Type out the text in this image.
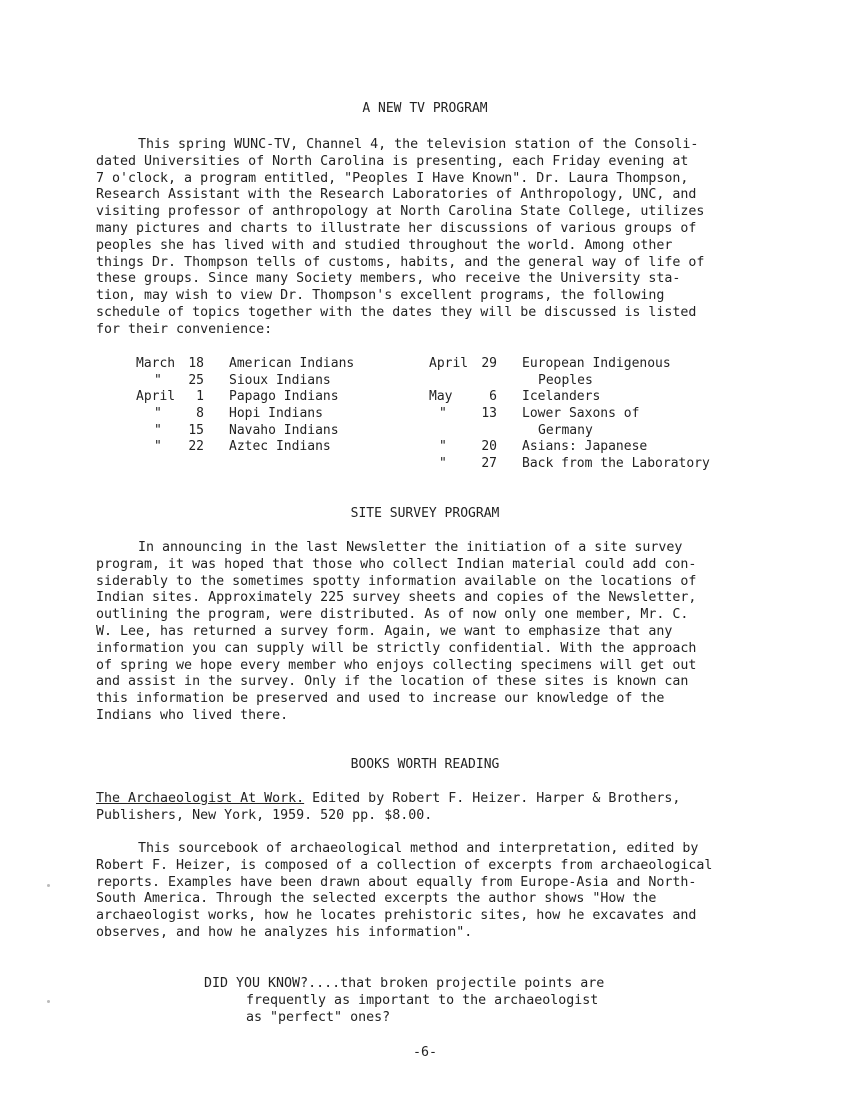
A NEW TV PROGRAM
This spring WUNC-TV, Channel 4, the television station of the Consoli-
dated Universities of North Carolina is presenting, each Friday evening at
7 o'clock, a program entitled, "Peoples I Have Known". Dr. Laura Thompson,
Research Assistant with the Research Laboratories of Anthropology, UNC, and
visiting professor of anthropology at North Carolina State College, utilizes
many pictures and charts to illustrate her discussions of various groups of
peoples she has lived with and studied throughout the world. Among other
things Dr. Thompson tells of customs, habits, and the general way of life of
these groups. Since many Society members, who receive the University sta-
tion, may wish to view Dr. Thompson's excellent programs, the following
schedule of topics together with the dates they will be discussed is listed
for their convenience:
March	18 American Indians
"	25 Sioux Indians
April	1 Papago Indians
"	8 Hopi Indians
"	15 Navaho Indians
"	22 Aztec Indians
April	29 European Indigenous
Peoples
May	6 Icelanders
"	13 Lower Saxons of
Germany
"	20 Asians: Japanese
"	27 Back from the Laboratory
SITE SURVEY PROGRAM
In announcing in the last Newsletter the initiation of a site survey
program, it was hoped that those who collect Indian material could add con-
siderably to the sometimes spotty information available on the locations of
Indian sites. Approximately 225 survey sheets and copies of the Newsletter,
outlining the program, were distributed. As of now only one member, Mr. C.
W. Lee, has returned a survey form. Again, we want to emphasize that any
information you can supply will be strictly confidential. With the approach
of spring we hope every member who enjoys collecting specimens will get out
and assist in the survey. Only if the location of these sites is known can
this information be preserved and used to increase our knowledge of the
Indians who lived there.
BOOKS WORTH READING
The Archaeologist At Work. Edited by Robert F. Heizer. Harper & Brothers,
Publishers, New York, 1959. 520 pp. $8.00.
This sourcebook of archaeological method and interpretation, edited by
Robert F. Heizer, is composed of a collection of excerpts from archaeological
reports. Examples have been drawn about equally from Europe-Asia and North-
South America. Through the selected excerpts the author shows "How the
archaeologist works, how he locates prehistoric sites, how he excavates and
observes, and how he analyzes his information".
DID YOU KNOW?....that broken projectile points are
frequently as important to the archaeologist
as "perfect" ones?
-6-
